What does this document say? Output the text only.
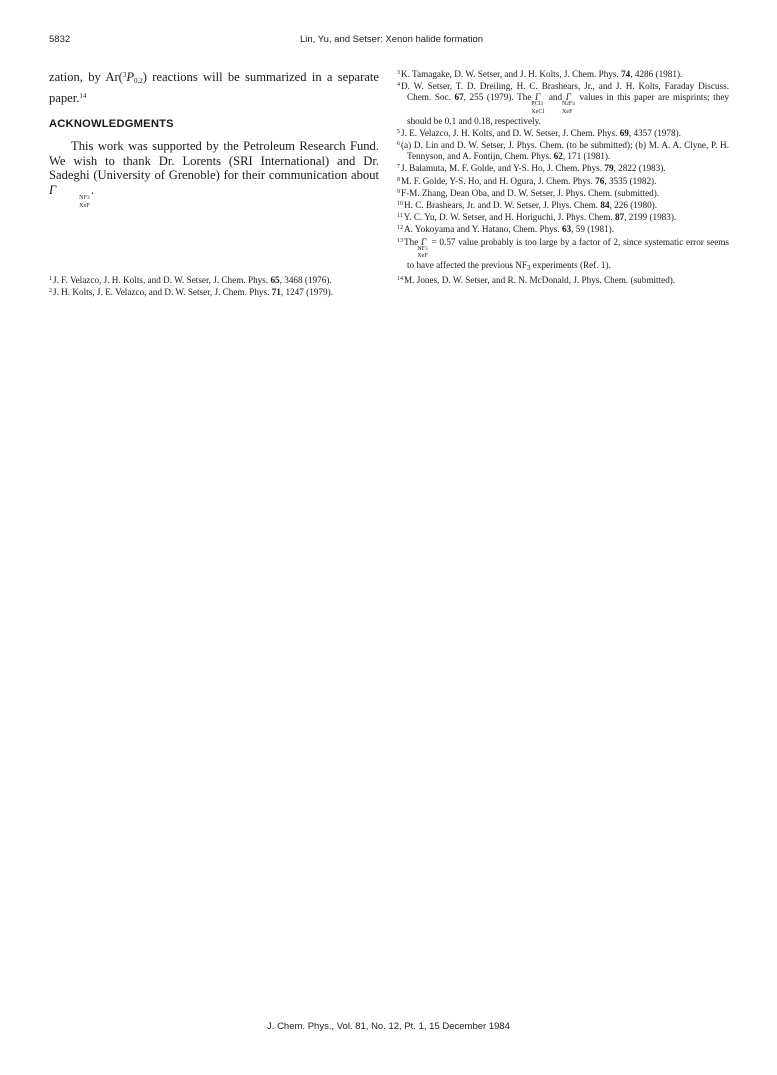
5832	Lin, Yu, and Setser: Xenon halide formation

zation, by $Ar(^3P_{0,2})$ reactions will be summarized in a separate paper.$^{14}$

ACKNOWLEDGMENTS

This work was supported by the Petroleum Research Fund. We wish to thank Dr. Lorents (SRI International) and Dr. Sadeghi (University of Grenoble) for their communication about Γ
NF3
XeF
.

$^1$J. F. Velazco, J. H. Kolts, and D. W. Setser, J. Chem. Phys. 65, 3468 (1976).

$^2$J. H. Kolts, J. E. Velazco, and D. W. Setser, J. Chem. Phys. 71, 1247 (1979).

$^3$K. Tamagake, D. W. Setser, and J. H. Kolts, J. Chem. Phys. 74, 4286 (1981).

$^4$D. W. Setser, T. D. Dreiling, H. C. Brashears, Jr., and J. H. Kolts, Faraday Discuss. Chem. Soc. 67, 255 (1979). The Γ
PCl3
XeCl
and Γ
N2F4
XeF
values in this paper are misprints; they should be 0.1 and 0.18, respectively.

$^5$J. E. Velazco, J. H. Kolts, and D. W. Setser, J. Chem. Phys. 69, 4357 (1978).

$^6$(a) D. Lin and D. W. Setser, J. Phys. Chem. (to be submitted); (b) M. A. A. Clyne, P. H. Tennyson, and A. Fontijn, Chem. Phys. 62, 171 (1981).

$^7$J. Balamuta, M. F. Golde, and Y-S. Ho, J. Chem. Phys. 79, 2822 (1983).

$^8$M. F. Golde, Y-S. Ho, and H. Ogura, J. Chem. Phys. 76, 3535 (1982).

$^9$F-M. Zhang, Dean Oba, and D. W. Setser, J. Phys. Chem. (submitted).

$^{10}$H. C. Brashears, Jr. and D. W. Setser, J. Phys. Chem. 84, 226 (1980).

$^{11}$Y. C. Yu, D. W. Setser, and H. Horiguchi, J. Phys. Chem. 87, 2199 (1983).

$^{12}$A. Yokoyama and Y. Hatano, Chem. Phys. 63, 59 (1981).

$^{13}$The Γ
NF3
XeF
= 0.57 value probably is too large by a factor of 2, since systematic error seems to have affected the previous $NF_3$ experiments (Ref. 1).

$^{14}$M. Jones, D. W. Setser, and R. N. McDonald, J. Phys. Chem. (submitted).

J. Chem. Phys., Vol. 81, No. 12, Pt. 1, 15 December 1984
